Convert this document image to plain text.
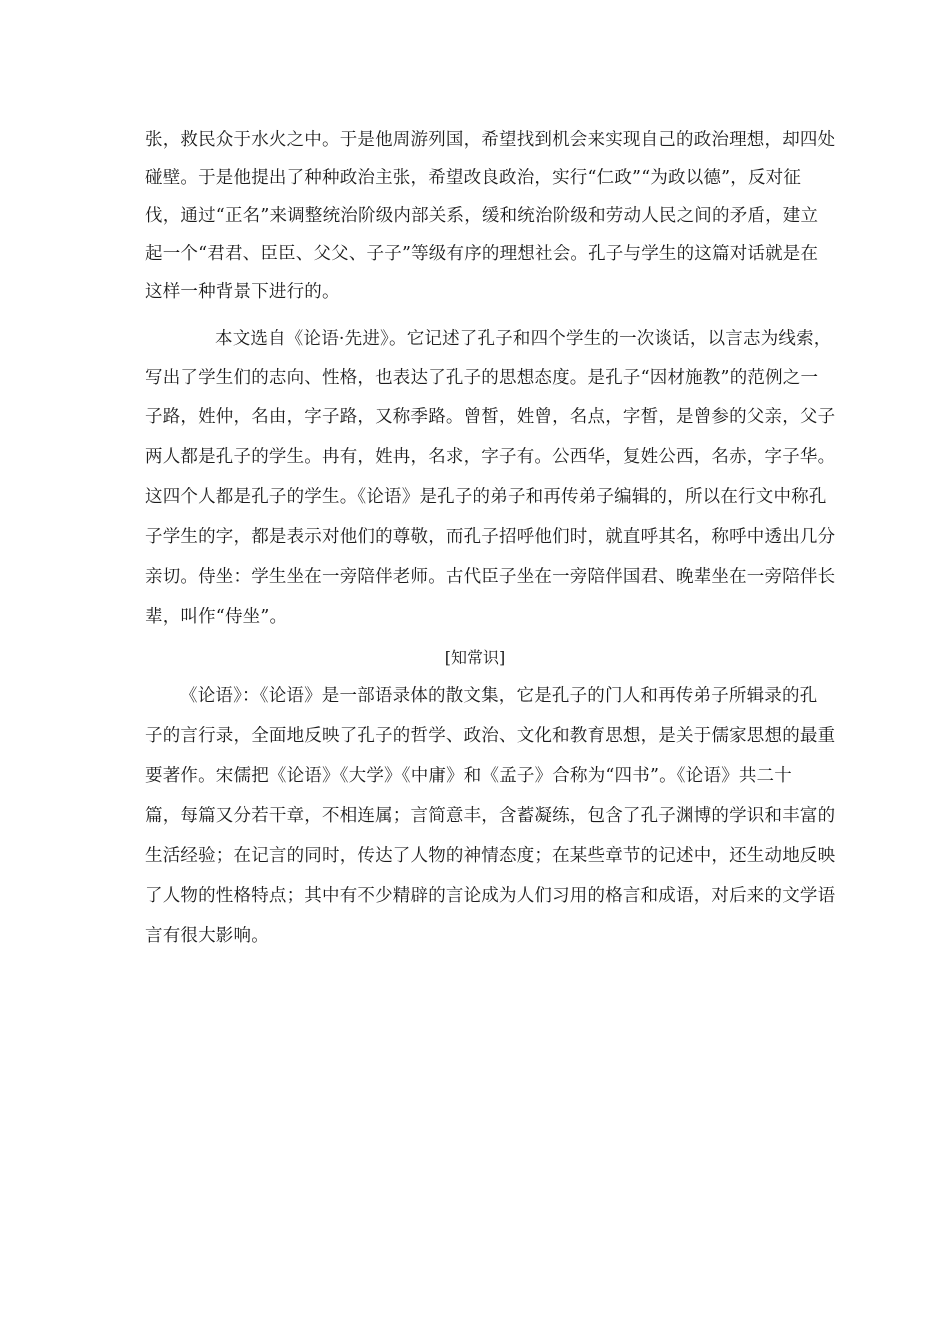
张，救民众于水火之中。于是他周游列国，希望找到机会来实现自己的政治理想，却四处
碰壁。于是他提出了种种政治主张，希望改良政治，实行“仁政”“为政以德”，反对征
伐，通过“正名”来调整统治阶级内部关系，缓和统治阶级和劳动人民之间的矛盾，建立
起一个“君君、臣臣、父父、子子”等级有序的理想社会。孔子与学生的这篇对话就是在
这样一种背景下进行的。
本文选自《论语·先进》。它记述了孔子和四个学生的一次谈话，以言志为线索，
写出了学生们的志向、性格，也表达了孔子的思想态度。是孔子“因材施教”的范例之一
子路，姓仲，名由，字子路，又称季路。曾皙，姓曾，名点，字皙，是曾参的父亲，父子
两人都是孔子的学生。冉有，姓冉，名求，字子有。公西华，复姓公西，名赤，字子华。
这四个人都是孔子的学生。《论语》是孔子的弟子和再传弟子编辑的，所以在行文中称孔
子学生的字，都是表示对他们的尊敬，而孔子招呼他们时，就直呼其名，称呼中透出几分
亲切。侍坐：学生坐在一旁陪伴老师。古代臣子坐在一旁陪伴国君、晚辈坐在一旁陪伴长
辈，叫作“侍坐”。
[知常识]
《论语》：《论语》是一部语录体的散文集，它是孔子的门人和再传弟子所辑录的孔
子的言行录，全面地反映了孔子的哲学、政治、文化和教育思想，是关于儒家思想的最重
要著作。宋儒把《论语》《大学》《中庸》和《孟子》合称为“四书”。《论语》共二十
篇，每篇又分若干章，不相连属；言简意丰，含蓄凝练，包含了孔子渊博的学识和丰富的
生活经验；在记言的同时，传达了人物的神情态度；在某些章节的记述中，还生动地反映
了人物的性格特点；其中有不少精辟的言论成为人们习用的格言和成语，对后来的文学语
言有很大影响。
